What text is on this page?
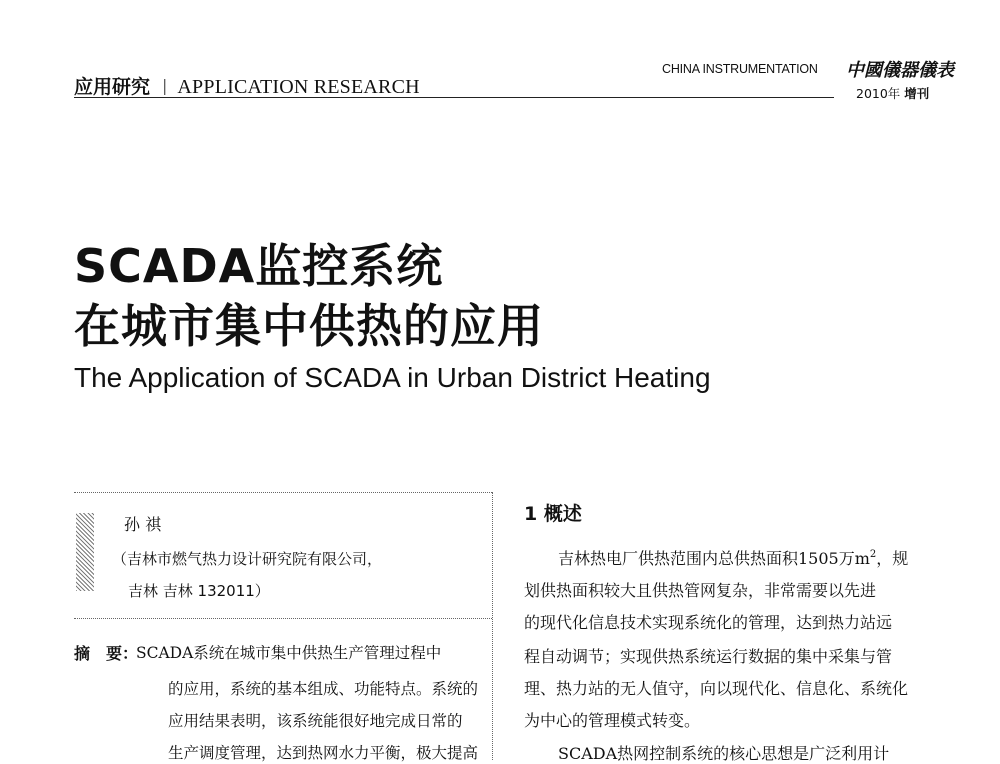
应用研究 | APPLICATION RESEARCH
CHINA INSTRUMENTATION 中國儀器儀表
2010年 增刊
SCADA监控系统
在城市集中供热的应用
The Application of SCADA in Urban District Heating
孙 祺
（吉林市燃气热力设计研究院有限公司，
吉林 吉林 132011）
摘　要：
SCADA系统在城市集中供热生产管理过程中
的应用，系统的基本组成、功能特点。系统的
应用结果表明，该系统能很好地完成日常的
生产调度管理，达到热网水力平衡，极大提高
1 概述
吉林热电厂供热范围内总供热面积1505万$m^2$，规
划供热面积较大且供热管网复杂，非常需要以先进
的现代化信息技术实现系统化的管理，达到热力站远
程自动调节；实现供热系统运行数据的集中采集与管
理、热力站的无人值守，向以现代化、信息化、系统化
为中心的管理模式转变。
SCADA热网控制系统的核心思想是广泛利用计
